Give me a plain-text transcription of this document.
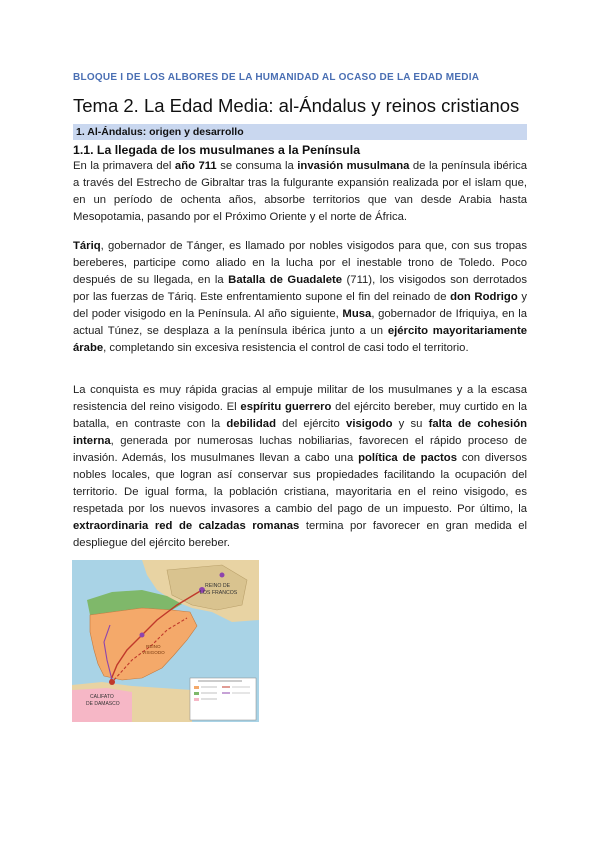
BLOQUE I DE LOS ALBORES DE LA HUMANIDAD AL OCASO DE LA EDAD MEDIA
Tema 2. La Edad Media: al-Ándalus y reinos cristianos
1. Al-Ándalus: origen y desarrollo
1.1. La llegada de los musulmanes a la Península
En la primavera del año 711 se consuma la invasión musulmana de la península ibérica a través del Estrecho de Gibraltar tras la fulgurante expansión realizada por el islam que, en un período de ochenta años, absorbe territorios que van desde Arabia hasta Mesopotamia, pasando por el Próximo Oriente y el norte de África.
Táriq, gobernador de Tánger, es llamado por nobles visigodos para que, con sus tropas bereberes, participe como aliado en la lucha por el inestable trono de Toledo. Poco después de su llegada, en la Batalla de Guadalete (711), los visigodos son derrotados por las fuerzas de Táriq. Este enfrentamiento supone el fin del reinado de don Rodrigo y del poder visigodo en la Península. Al año siguiente, Musa, gobernador de Ifriquiya, en la actual Túnez, se desplaza a la península ibérica junto a un ejército mayoritariamente árabe, completando sin excesiva resistencia el control de casi todo el territorio.
La conquista es muy rápida gracias al empuje militar de los musulmanes y a la escasa resistencia del reino visigodo. El espíritu guerrero del ejército bereber, muy curtido en la batalla, en contraste con la debilidad del ejército visigodo y su falta de cohesión interna, generada por numerosas luchas nobiliarias, favorecen el rápido proceso de invasión. Además, los musulmanes llevan a cabo una política de pactos con diversos nobles locales, que logran así conservar sus propiedades facilitando la ocupación del territorio. De igual forma, la población cristiana, mayoritaria en el reino visigodo, es respetada por los nuevos invasores a cambio del pago de un impuesto. Por último, la extraordinaria red de calzadas romanas termina por favorecer en gran medida el despliegue del ejército bereber.
REINO DE
LOS FRANCOS
REINO
VISIGODO
CALIFATO
DE DAMASCO
